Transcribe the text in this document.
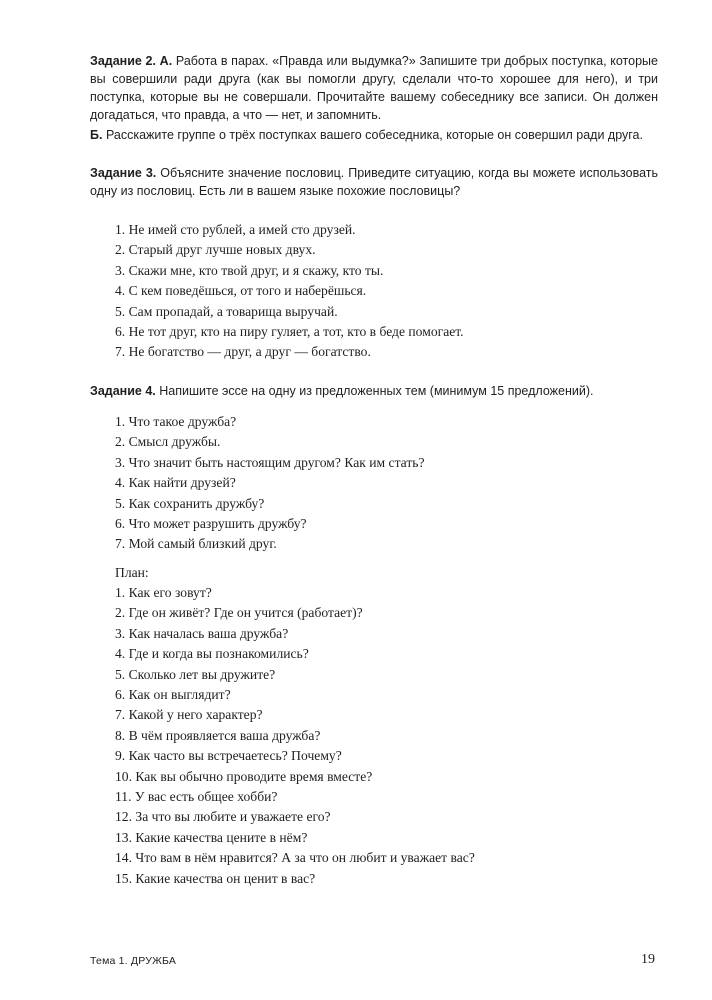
Задание 2. А. Работа в парах. «Правда или выдумка?» Запишите три добрых поступка, которые вы совершили ради друга (как вы помогли другу, сделали что-то хорошее для него), и три поступка, которые вы не совершали. Прочитайте вашему собеседнику все записи. Он должен догадаться, что правда, а что — нет, и запомнить.

Б. Расскажите группе о трёх поступках вашего собеседника, которые он совершил ради друга.

Задание 3. Объясните значение пословиц. Приведите ситуацию, когда вы можете использовать одну из пословиц. Есть ли в вашем языке похожие пословицы?

1. Не имей сто рублей, а имей сто друзей.
2. Старый друг лучше новых двух.
3. Скажи мне, кто твой друг, и я скажу, кто ты.
4. С кем поведёшься, от того и наберёшься.
5. Сам пропадай, а товарища выручай.
6. Не тот друг, кто на пиру гуляет, а тот, кто в беде помогает.
7. Не богатство — друг, а друг — богатство.

Задание 4. Напишите эссе на одну из предложенных тем (минимум 15 предложений).

1. Что такое дружба?
2. Смысл дружбы.
3. Что значит быть настоящим другом? Как им стать?
4. Как найти друзей?
5. Как сохранить дружбу?
6. Что может разрушить дружбу?
7. Мой самый близкий друг.
План:
1. Как его зовут?
2. Где он живёт? Где он учится (работает)?
3. Как началась ваша дружба?
4. Где и когда вы познакомились?
5. Сколько лет вы дружите?
6. Как он выглядит?
7. Какой у него характер?
8. В чём проявляется ваша дружба?
9. Как часто вы встречаетесь? Почему?
10. Как вы обычно проводите время вместе?
11. У вас есть общее хобби?
12. За что вы любите и уважаете его?
13. Какие качества цените в нём?
14. Что вам в нём нравится? А за что он любит и уважает вас?
15. Какие качества он ценит в вас?
Тема 1. ДРУЖБА	19
